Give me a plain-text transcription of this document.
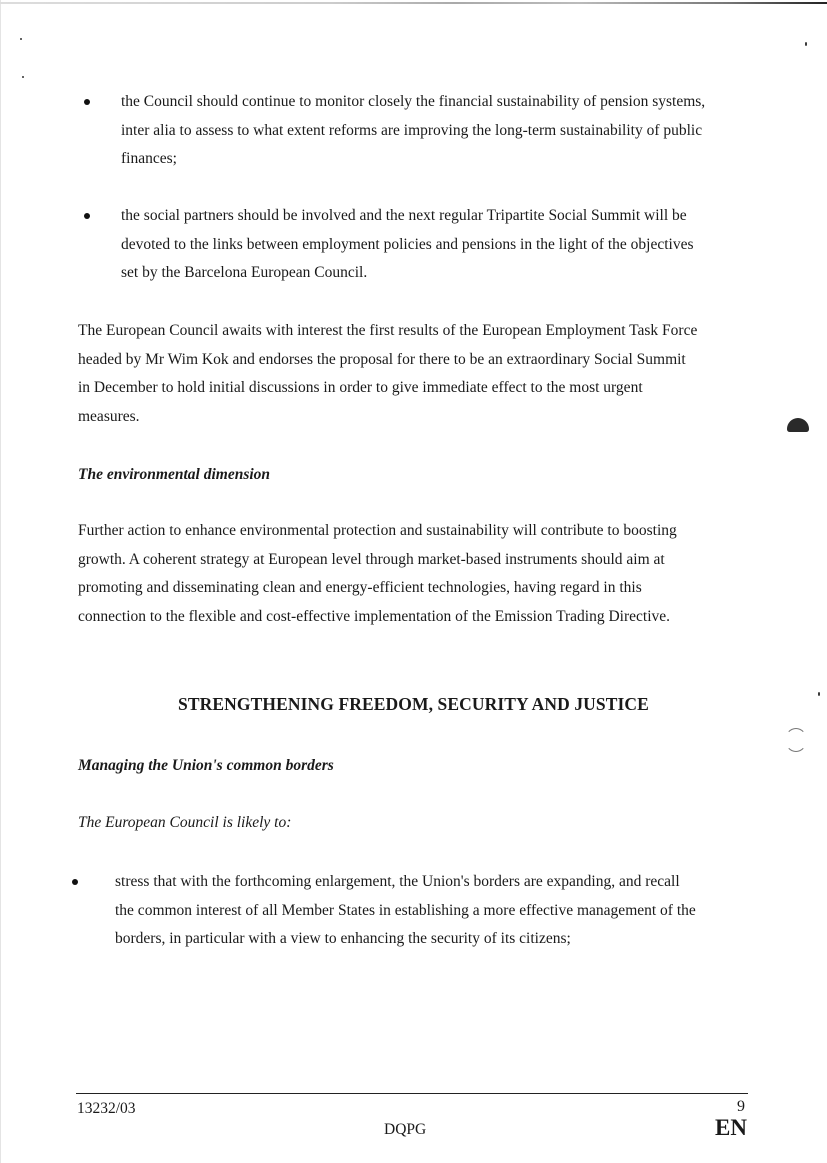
the Council should continue to monitor closely the financial sustainability of pension systems,
inter alia to assess to what extent reforms are improving the long-term sustainability of public
finances;

the social partners should be involved and the next regular Tripartite Social Summit will be
devoted to the links between employment policies and pensions in the light of the objectives
set by the Barcelona European Council.

The European Council awaits with interest the first results of the European Employment Task Force
headed by Mr Wim Kok and endorses the proposal for there to be an extraordinary Social Summit
in December to hold initial discussions in order to give immediate effect to the most urgent
measures.

The environmental dimension

Further action to enhance environmental protection and sustainability will contribute to boosting
growth. A coherent strategy at European level through market-based instruments should aim at
promoting and disseminating clean and energy-efficient technologies, having regard in this
connection to the flexible and cost-effective implementation of the Emission Trading Directive.

STRENGTHENING FREEDOM, SECURITY AND JUSTICE

Managing the Union's common borders

The European Council is likely to:

stress that with the forthcoming enlargement, the Union's borders are expanding, and recall
the common interest of all Member States in establishing a more effective management of the
borders, in particular with a view to enhancing the security of its citizens;

13232/03
DQPG
9
EN
